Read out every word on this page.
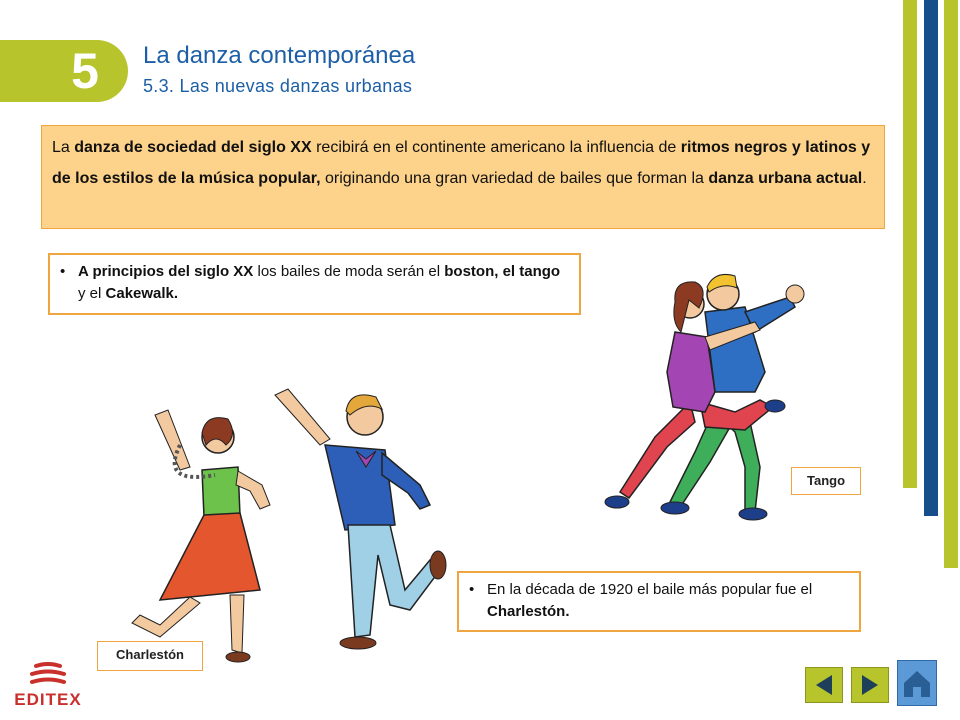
5	La danza contemporánea
5.3. Las nuevas danzas urbanas
La danza de sociedad del siglo XX recibirá en el continente americano la influencia de ritmos negros y latinos y de los estilos de la música popular, originando una gran variedad de bailes que forman la danza urbana actual.
• A principios del siglo XX los bailes de moda serán el boston, el tango y el Cakewalk.
• En la década de 1920 el baile más popular fue el Charlestón.
Tango
Charlestón
EDITEX
